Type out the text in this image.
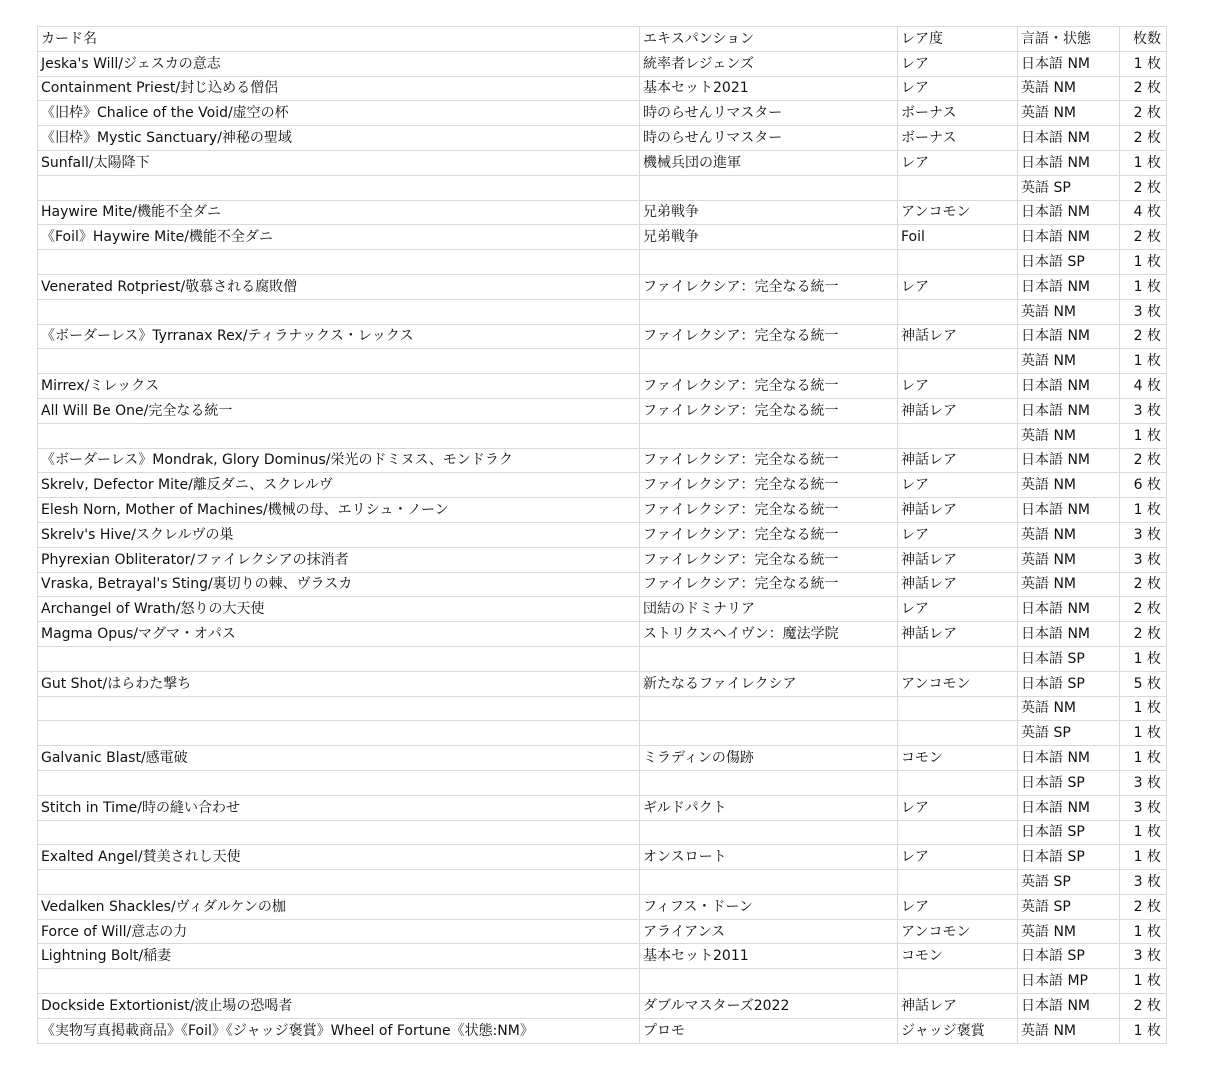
カード名	エキスパンション	レア度	言語・状態	枚数
Jeska's Will/ジェスカの意志	統率者レジェンズ	レア	日本語 NM	1 枚
Containment Priest/封じ込める僧侶	基本セット2021	レア	英語 NM	2 枚
《旧枠》Chalice of the Void/虚空の杯	時のらせんリマスター	ボーナス	英語 NM	2 枚
《旧枠》Mystic Sanctuary/神秘の聖域	時のらせんリマスター	ボーナス	日本語 NM	2 枚
Sunfall/太陽降下	機械兵団の進軍	レア	日本語 NM	1 枚
			英語 SP	2 枚
Haywire Mite/機能不全ダニ	兄弟戦争	アンコモン	日本語 NM	4 枚
《Foil》Haywire Mite/機能不全ダニ	兄弟戦争	Foil	日本語 NM	2 枚
			日本語 SP	1 枚
Venerated Rotpriest/敬慕される腐敗僧	ファイレクシア：完全なる統一	レア	日本語 NM	1 枚
			英語 NM	3 枚
《ボーダーレス》Tyrranax Rex/ティラナックス・レックス	ファイレクシア：完全なる統一	神話レア	日本語 NM	2 枚
			英語 NM	1 枚
Mirrex/ミレックス	ファイレクシア：完全なる統一	レア	日本語 NM	4 枚
All Will Be One/完全なる統一	ファイレクシア：完全なる統一	神話レア	日本語 NM	3 枚
			英語 NM	1 枚
《ボーダーレス》Mondrak, Glory Dominus/栄光のドミヌス、モンドラク	ファイレクシア：完全なる統一	神話レア	日本語 NM	2 枚
Skrelv, Defector Mite/離反ダニ、スクレルヴ	ファイレクシア：完全なる統一	レア	英語 NM	6 枚
Elesh Norn, Mother of Machines/機械の母、エリシュ・ノーン	ファイレクシア：完全なる統一	神話レア	日本語 NM	1 枚
Skrelv's Hive/スクレルヴの巣	ファイレクシア：完全なる統一	レア	英語 NM	3 枚
Phyrexian Obliterator/ファイレクシアの抹消者	ファイレクシア：完全なる統一	神話レア	英語 NM	3 枚
Vraska, Betrayal's Sting/裏切りの棘、ヴラスカ	ファイレクシア：完全なる統一	神話レア	英語 NM	2 枚
Archangel of Wrath/怒りの大天使	団結のドミナリア	レア	日本語 NM	2 枚
Magma Opus/マグマ・オパス	ストリクスヘイヴン：魔法学院	神話レア	日本語 NM	2 枚
			日本語 SP	1 枚
Gut Shot/はらわた撃ち	新たなるファイレクシア	アンコモン	日本語 SP	5 枚
			英語 NM	1 枚
			英語 SP	1 枚
Galvanic Blast/感電破	ミラディンの傷跡	コモン	日本語 NM	1 枚
			日本語 SP	3 枚
Stitch in Time/時の縫い合わせ	ギルドパクト	レア	日本語 NM	3 枚
			日本語 SP	1 枚
Exalted Angel/賛美されし天使	オンスロート	レア	日本語 SP	1 枚
			英語 SP	3 枚
Vedalken Shackles/ヴィダルケンの枷	フィフス・ドーン	レア	英語 SP	2 枚
Force of Will/意志の力	アライアンス	アンコモン	英語 NM	1 枚
Lightning Bolt/稲妻	基本セット2011	コモン	日本語 SP	3 枚
			日本語 MP	1 枚
Dockside Extortionist/波止場の恐喝者	ダブルマスターズ2022	神話レア	日本語 NM	2 枚
《実物写真掲載商品》《Foil》《ジャッジ褒賞》Wheel of Fortune《状態:NM》	プロモ	ジャッジ褒賞	英語 NM	1 枚
